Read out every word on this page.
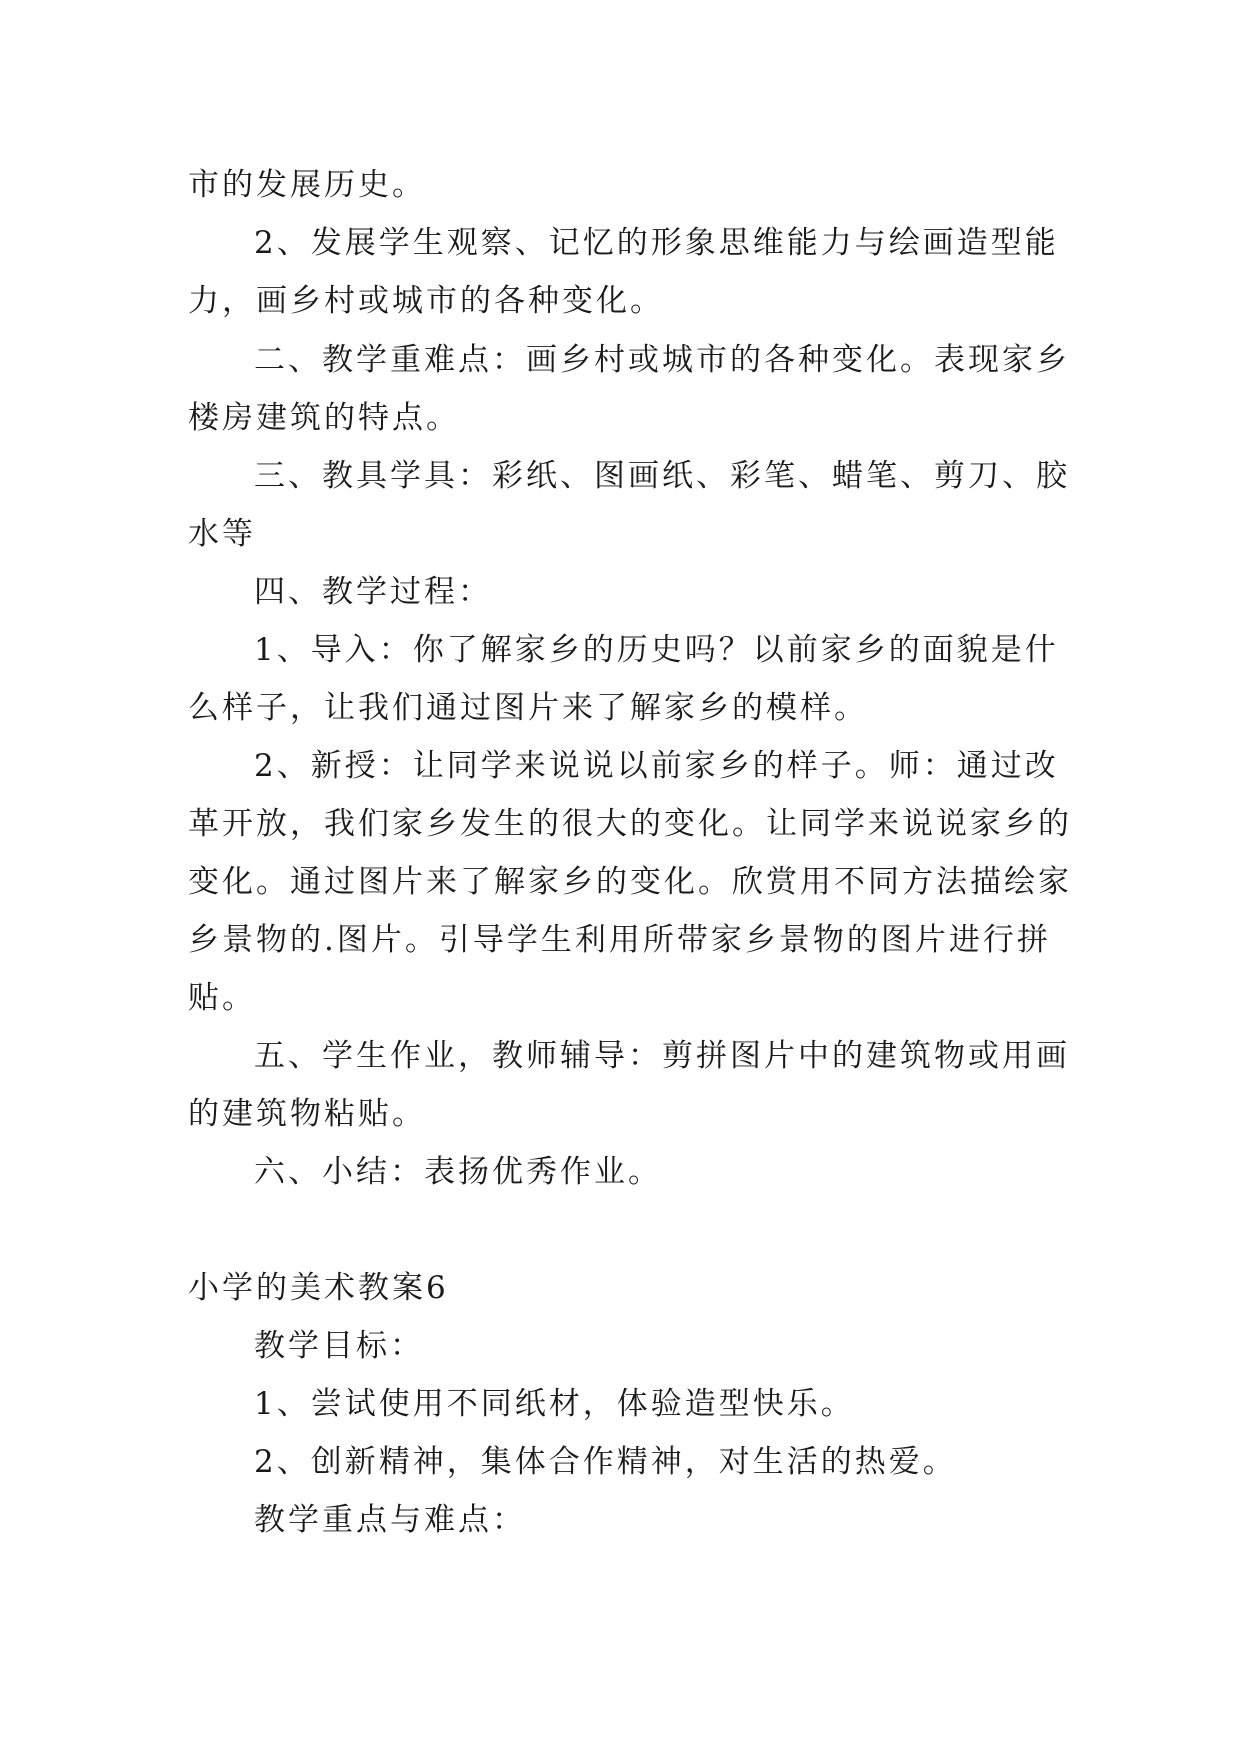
市的发展历史。
2、发展学生观察、记忆的形象思维能力与绘画造型能
力，画乡村或城市的各种变化。
二、教学重难点：画乡村或城市的各种变化。表现家乡
楼房建筑的特点。
三、教具学具：彩纸、图画纸、彩笔、蜡笔、剪刀、胶
水等
四、教学过程：
1、导入：你了解家乡的历史吗？以前家乡的面貌是什
么样子，让我们通过图片来了解家乡的模样。
2、新授：让同学来说说以前家乡的样子。师：通过改
革开放，我们家乡发生的很大的变化。让同学来说说家乡的
变化。通过图片来了解家乡的变化。欣赏用不同方法描绘家
乡景物的.图片。引导学生利用所带家乡景物的图片进行拼
贴。
五、学生作业，教师辅导：剪拼图片中的建筑物或用画
的建筑物粘贴。
六、小结：表扬优秀作业。
小学的美术教案6
教学目标：
1、尝试使用不同纸材，体验造型快乐。
2、创新精神，集体合作精神，对生活的热爱。
教学重点与难点：
